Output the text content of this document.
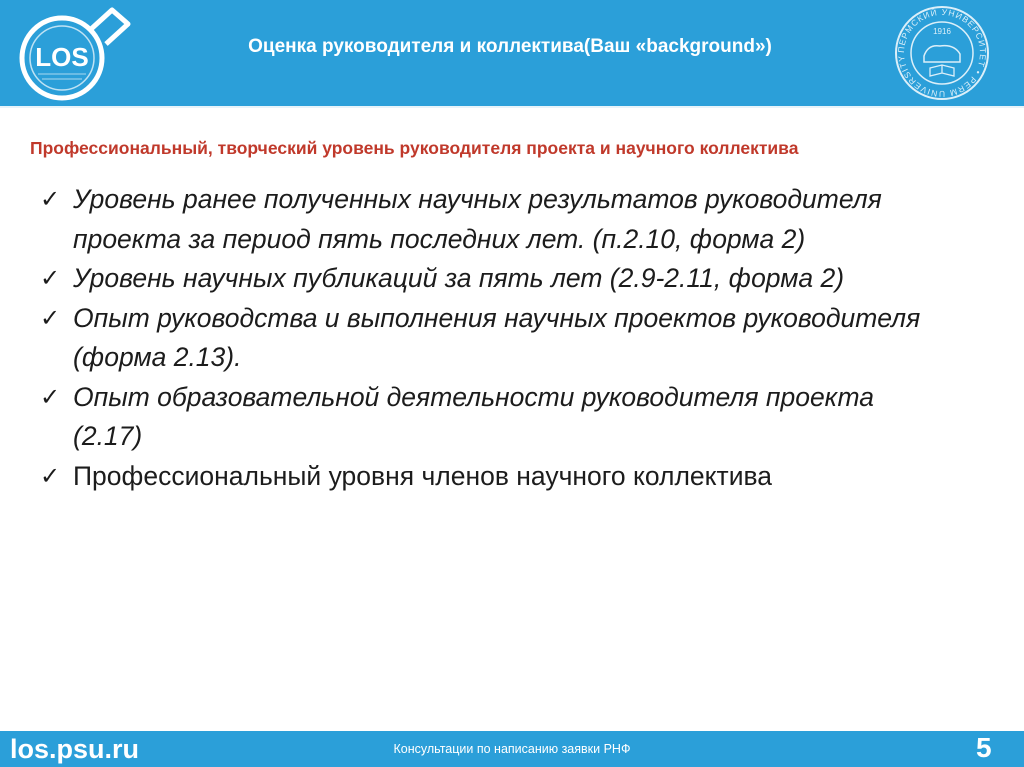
LOS	Оценка руководителя и коллектива(Ваш «background»)	ПЕРМСКИЙ УНИВЕРСИТЕТ • PERM UNIVERSITY
1916
Профессиональный, творческий уровень руководителя проекта и научного коллектива
✓ Уровень ранее полученных научных результатов руководителя проекта за период пять последних лет. (п.2.10, форма 2)
✓ Уровень научных публикаций за пять лет (2.9-2.11, форма 2)
✓ Опыт руководства и выполнения научных проектов руководителя (форма 2.13).
✓ Опыт образовательной деятельности руководителя проекта (2.17)
✓ Профессиональный уровня членов научного коллектива
los.psu.ru	Консультации по написанию заявки РНФ	5
